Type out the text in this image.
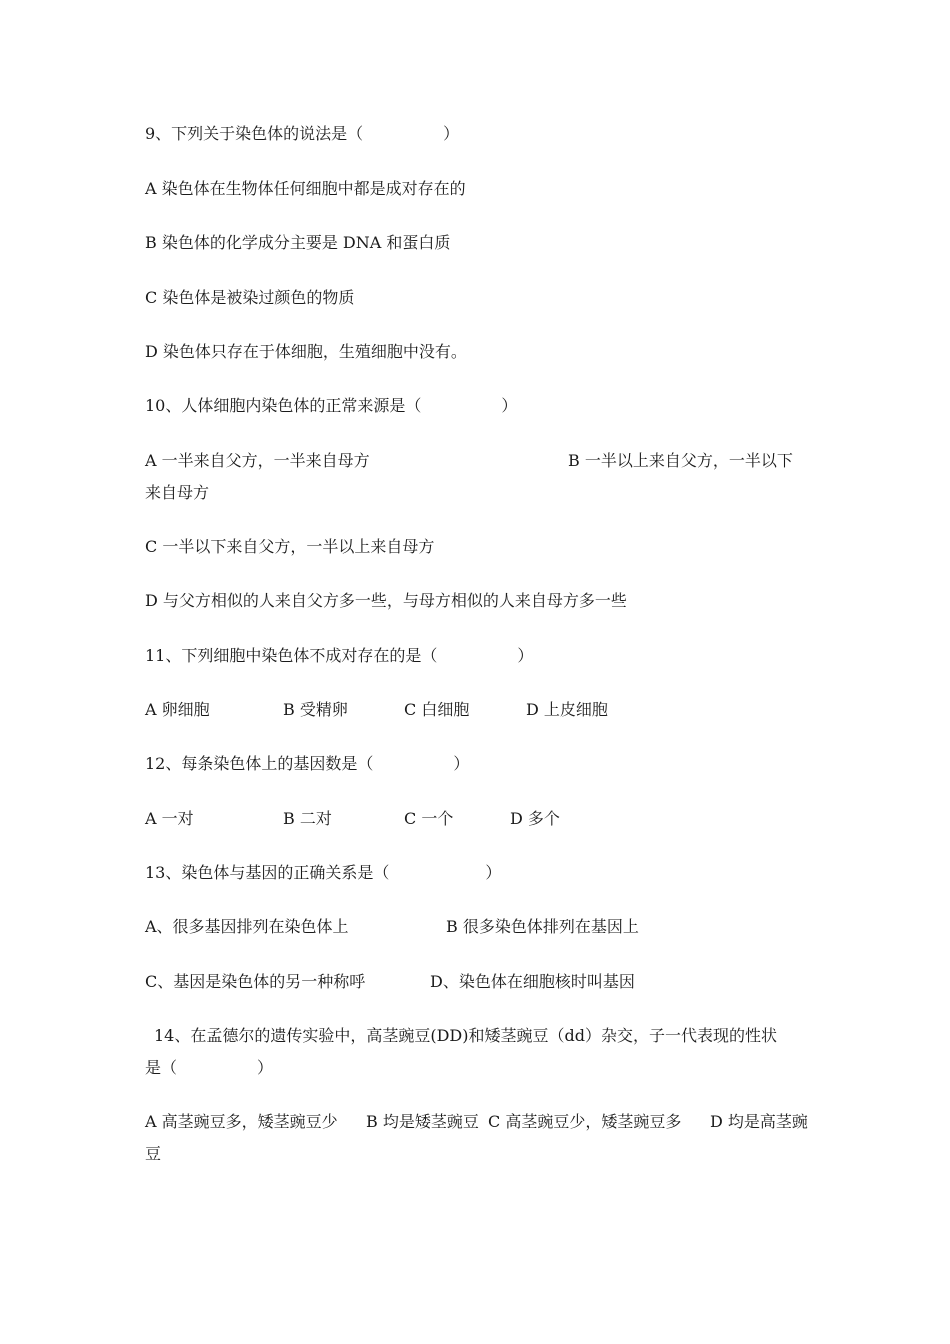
9、下列关于染色体的说法是（　　　　　）
A 染色体在生物体任何细胞中都是成对存在的
B 染色体的化学成分主要是 DNA 和蛋白质
C 染色体是被染过颜色的物质
D 染色体只存在于体细胞，生殖细胞中没有。
10、人体细胞内染色体的正常来源是（　　　　　）
A 一半来自父方，一半来自母方	B 一半以上来自父方，一半以下
来自母方
C 一半以下来自父方，一半以上来自母方
D 与父方相似的人来自父方多一些，与母方相似的人来自母方多一些
11、下列细胞中染色体不成对存在的是（　　　　　）
A 卵细胞	B 受精卵	C 白细胞	D 上皮细胞
12、每条染色体上的基因数是（　　　　　）
A 一对	B 二对	C 一个	D 多个
13、染色体与基因的正确关系是（　　　　　　）
A、很多基因排列在染色体上	B 很多染色体排列在基因上
C、基因是染色体的另一种称呼	D、染色体在细胞核时叫基因
14、在孟德尔的遗传实验中，高茎豌豆(DD)和矮茎豌豆（dd）杂交，子一代表现的性状
是（　　　　　）
A 高茎豌豆多，矮茎豌豆少 B 均是矮茎豌豆 C 高茎豌豆少，矮茎豌豆多 D 均是高茎豌
豆
